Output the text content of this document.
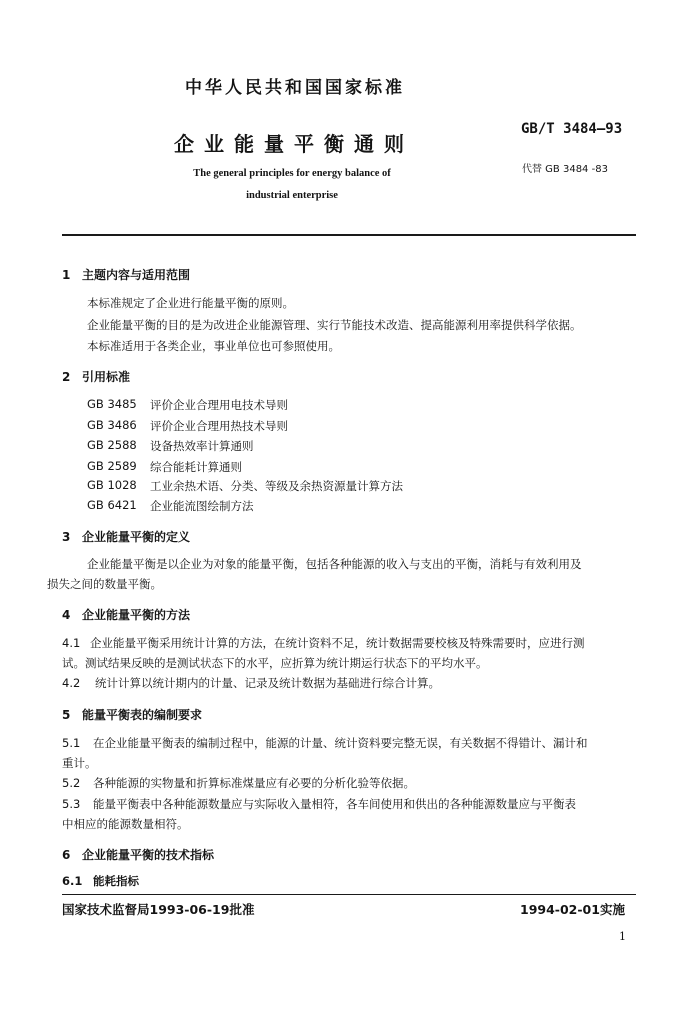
中华人民共和国国家标准
企业能量平衡通则
GB/T 3484—93
代替 GB 3484 -83
The general principles for energy balance of
industrial enterprise
1 主题内容与适用范围
本标准规定了企业进行能量平衡的原则。
企业能量平衡的目的是为改进企业能源管理、实行节能技术改造、提高能源利用率提供科学依据。
本标准适用于各类企业，事业单位也可参照使用。
2 引用标准
GB 3485 评价企业合理用电技术导则
GB 3486 评价企业合理用热技术导则
GB 2588 设备热效率计算通则
GB 2589 综合能耗计算通则
GB 1028 工业余热术语、分类、等级及余热资源量计算方法
GB 6421 企业能流图绘制方法
3 企业能量平衡的定义
企业能量平衡是以企业为对象的能量平衡，包括各种能源的收入与支出的平衡，消耗与有效利用及
损失之间的数量平衡。
4 企业能量平衡的方法
4.1 企业能量平衡采用统计计算的方法，在统计资料不足，统计数据需要校核及特殊需要时，应进行测
试。测试结果反映的是测试状态下的水平，应折算为统计期运行状态下的平均水平。
4.2 统计计算以统计期内的计量、记录及统计数据为基础进行综合计算。
5 能量平衡表的编制要求
5.1 在企业能量平衡表的编制过程中，能源的计量、统计资料要完整无误，有关数据不得错计、漏计和
重计。
5.2 各种能源的实物量和折算标准煤量应有必要的分析化验等依据。
5.3 能量平衡表中各种能源数量应与实际收入量相符，各车间使用和供出的各种能源数量应与平衡表
中相应的能源数量相符。
6 企业能量平衡的技术指标
6.1 能耗指标
国家技术监督局1993-06-19批准	1994-02-01实施
1
